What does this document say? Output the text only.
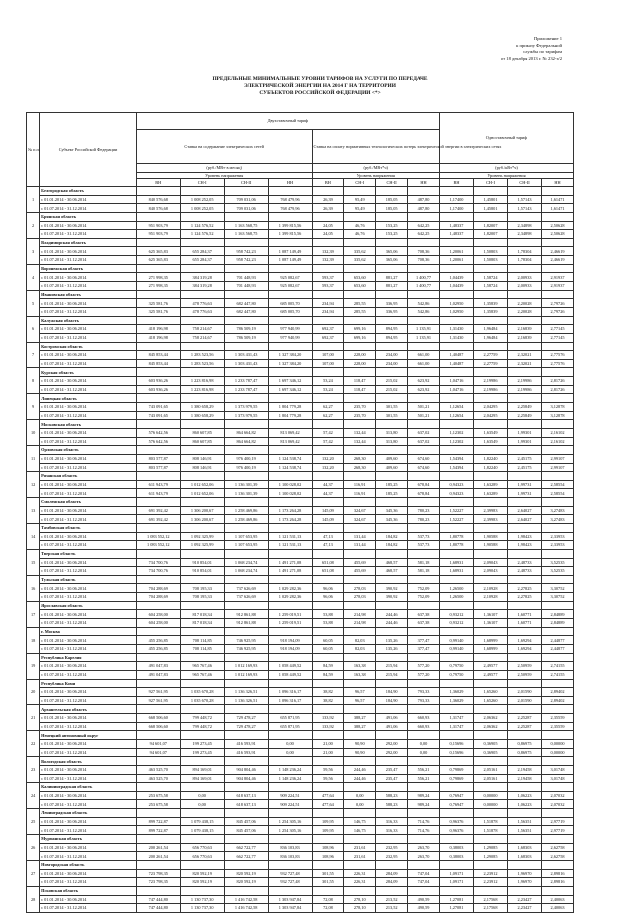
Приложение 1
к приказу Федеральной
службы по тарифам
от 18 декабря 2013 г. № 232-э/2
ПРЕДЕЛЬНЫЕ МИНИМАЛЬНЫЕ УРОВНИ ТАРИФОВ НА УСЛУГИ ПО ПЕРЕДАЧЕ
ЭЛЕКТРИЧЕСКОЙ ЭНЕРГИИ НА 2014 Г НА ТЕРРИТОРИИ
СУБЪЕКТОВ РОССИЙСКОЙ ФЕДЕРАЦИИ <*>
№ п.п.	Субъект Российской Федерации	Двухставочный тариф								Одноставочный тариф			
		Ставка на содержание электрических сетей				Ставка на оплату нормативных технологических потерь электрической энергии в электрических сетях							
		(руб./МВт·в месяц)				(руб./МВт*ч)				(руб./кВт*ч)			
		Уровень напряжения				Уровень напряжения				Уровень напряжения			
		ВН	СН-I	СН-II	НН	ВН	СН-I	СН-II	НН	ВН	СН-I	СН-II	НН
1	Белгородская область												
	с 01.01.2014 - 30.06.2014	840 576,68	1 008 252,05	709 031,06	768 479,96	26,39	95,49	185,05	487,80	1,17400	1,45801	1,57143	1,61471
	с 01.07.2014 - 31.12.2014	840 576,68	1 008 252,05	709 031,06	768 479,96	26,39	95,49	185,05	487,80	1,17400	1,45801	1,57143	1,61471
2	Брянская область												
	с 01.01.2014 - 30.06.2014	951 903,79	1 124 576,52	1 163 568,75	1 399 815,56	24,05	46,76	153,25	642,25	1,48337	1,82007	2,34898	2,50628
	с 01.07.2014 - 31.12.2014	951 903,79	1 124 576,52	1 163 568,75	1 399 815,56	24,05	46,76	153,25	642,25	1,48337	1,82007	2,34898	2,50628
3	Владимирская область												
	с 01.01.2014 - 30.06.2014	625 365,83	655 284,37	958 742,23	1 087 149,49	132,39	335,62	365,06	708,36	1,20061	1,50803	1,78304	2,46619
	с 01.07.2014 - 31.12.2014	625 365,83	655 284,37	958 742,23	1 087 149,49	132,39	335,62	365,06	708,36	1,20061	1,50803	1,78304	2,46619
4	Воронежская область												
	с 01.01.2014 - 30.06.2014	271 998,35	384 319,28	701 448,93	925 082,67	593,37	653,60	881,27	1 400,77	1,04439	1,58724	2,00933	2,91937
	с 01.07.2014 - 31.12.2014	271 998,35	384 319,28	701 448,93	925 082,67	593,37	653,60	881,27	1 400,77	1,04439	1,58724	2,00933	2,91937
5	Ивановская область												
	с 01.01.2014 - 30.06.2014	325 581,76	478 776,63	682 447,80	685 005,70	234,94	285,55	336,95	542,86	1,02950	1,35839	2,20028	2,79726
	с 01.07.2014 - 31.12.2014	325 581,76	478 776,63	682 447,80	685 005,70	234,94	285,55	336,95	542,86	1,02950	1,35839	2,20028	2,79726
6	Калужская область												
	с 01.01.2014 - 30.06.2014	418 196,98	758 214,67	786 509,19	977 940,99	692,37	699,16	894,95	1 135,91	1,31430	1,96484	2,16839	2,77145
	с 01.07.2014 - 31.12.2014	418 196,98	758 214,67	786 509,19	977 940,99	692,37	699,16	894,95	1 135,91	1,31430	1,96484	2,16839	2,77145
7	Костромская область												
	с 01.01.2014 - 30.06.2014	845 853,44	1 283 523,56	1 303 431,43	1 327 384,20	107,00	228,00	234,00	661,00	1,40487	2,27759	2,32021	2,77576
	с 01.07.2014 - 31.12.2014	845 853,44	1 283 523,56	1 303 431,43	1 327 384,20	107,00	228,00	234,00	661,00	1,40487	2,27759	2,32021	2,77576
8	Курская область												
	с 01.01.2014 - 30.06.2014	603 936,26	1 223 816,98	1 233 787,47	1 697 346,12	53,24	118,47	215,02	623,92	1,04716	2,19986	2,19986	2,81726
	с 01.07.2014 - 31.12.2014	603 936,26	1 223 816,98	1 233 787,47	1 697 346,12	53,24	118,47	215,02	623,92	1,04716	2,19986	2,19986	2,81726
9	Липецкая область												
	с 01.01.2014 - 30.06.2014	743 091,65	1 380 658,29	1 373 979,55	1 804 779,28	62,27	235,70	301,55	501,21	1,12654	2,04295	2,25849	3,12878
	с 01.07.2014 - 31.12.2014	743 091,65	1 380 658,29	1 373 979,55	1 804 779,28	62,27	235,70	301,55	501,21	1,12654	2,04295	2,25849	3,12878
10	Московская область												
	с 01.01.2014 - 30.06.2014	576 642,56	860 607,85	864 664,82	813 069,42	57,42	132,44	313,80	637,02	1,12302	1,63549	1,99301	2,16102
	с 01.07.2014 - 31.12.2014	576 642,56	860 607,85	864 664,82	813 069,42	57,42	132,44	313,80	637,02	1,12302	1,63549	1,99301	2,16102
11	Орловская область												
	с 01.01.2014 - 30.06.2014	803 577,87	808 146,91	976 400,19	1 124 538,74	132,20	268,30	409,60	674,60	1,54394	1,82240	2,45175	2,99107
	с 01.07.2014 - 31.12.2014	803 577,87	808 146,91	976 400,19	1 124 538,74	132,20	268,30	409,60	674,60	1,54394	1,82240	2,45175	2,99107
12	Рязанская область												
	с 01.01.2014 - 30.06.2014	611 943,79	1 012 652,06	1 136 301,39	1 100 028,02	44,37	116,91	185,25	678,84	0,94323	1,63289	1,99731	2,58554
	с 01.07.2014 - 31.12.2014	611 943,79	1 012 652,06	1 136 301,39	1 100 028,02	44,37	116,91	185,25	678,84	0,94323	1,63289	1,99731	2,58554
13	Смоленская область												
	с 01.01.2014 - 30.06.2014	691 392,42	1 306 200,67	1 258 469,86	1 173 264,28	145,09	324,67	345,36	780,23	1,52227	2,39983	2,64027	3,27483
	с 01.07.2014 - 31.12.2014	691 392,42	1 306 200,67	1 258 469,86	1 173 264,28	145,09	324,67	345,36	780,23	1,52227	2,39983	2,64027	3,27483
14	Тамбовская область												
	с 01.01.2014 - 30.06.2014	1 083 552,12	1 092 325,99	1 107 653,95	1 121 531,13	47,13	131,44	184,82	537,73	1,80778	1,90588	1,98423	2,33953
	с 01.07.2014 - 31.12.2014	1 083 552,12	1 092 325,99	1 107 653,95	1 121 531,13	47,13	131,44	184,82	537,73	1,80778	1,90588	1,98423	2,33953
15	Тверская область												
	с 01.01.2014 - 30.06.2014	734 700,76	910 854,01	1 068 234,74	1 491 271,08	651,08	455,69	468,57	581,18	1,68931	2,09043	2,48733	3,52535
	с 01.07.2014 - 31.12.2014	734 700,76	910 854,01	1 068 234,74	1 491 271,08	651,08	455,69	468,57	581,18	1,68931	2,09043	2,48733	3,52535
16	Тульская область												
	с 01.01.2014 - 30.06.2014	704 288,69	708 195,33	737 626,69	1 029 282,36	96,06	278,03	390,92	752,09	1,26500	2,10928	2,27825	3,30752
	с 01.07.2014 - 31.12.2014	704 288,69	708 195,33	737 626,69	1 029 282,36	96,06	278,03	390,92	752,09	1,26500	2,10928	2,27825	3,30752
17	Ярославская область												
	с 01.01.2014 - 30.06.2014	604 258,00	817 018,34	912 861,88	1 259 019,51	53,88	214,98	244,46	637,38	0,93212	1,36107	1,60771	2,84889
	с 01.07.2014 - 31.12.2014	604 258,00	817 018,34	912 861,88	1 259 019,51	53,88	214,98	244,46	637,38	0,93212	1,36107	1,60771	2,84889
18	г. Москва												
	с 01.01.2014 - 30.06.2014	455 256,85	708 114,85	746 925,95	918 194,09	60,05	82,03	135,26	377,47	0,99140	1,68999	1,69294	2,44877
	с 01.07.2014 - 31.12.2014	455 256,85	708 114,85	746 925,95	918 194,09	60,05	82,03	135,26	377,47	0,99140	1,68999	1,69294	2,44877
19	Республика Карелия												
	с 01.01.2014 - 30.06.2014	491 047,83	965 767,46	1 012 169,93	1 058 449,52	84,59	163,38	215,94	577,20	0,79750	2,49577	2,50959	2,74155
	с 01.07.2014 - 31.12.2014	491 047,83	965 767,46	1 012 169,93	1 058 449,52	84,59	163,38	215,94	577,20	0,79750	2,49577	2,50959	2,74155
20	Республика Коми												
	с 01.01.2014 - 30.06.2014	927 561,95	1 035 670,28	1 136 326,51	1 096 316,17	38,82	96,57	184,90	793,33	1,36029	1,65260	2,01590	2,89402
	с 01.07.2014 - 31.12.2014	927 561,95	1 035 670,28	1 136 326,51	1 096 316,17	38,82	96,57	184,90	793,33	1,36029	1,65260	2,01590	2,89402
21	Архангельская область												
	с 01.01.2014 - 30.06.2014	668 506,60	799 448,72	729 478,27	655 871,95	133,92	388,27	491,06	660,93	1,31747	2,06362	2,25287	2,35559
	с 01.07.2014 - 31.12.2014	668 506,60	799 448,72	729 478,27	655 871,95	133,92	388,27	491,06	660,93	1,31747	2,06362	2,25287	2,35559
22	Ненецкий автономный округ												
	с 01.01.2014 - 30.06.2014	94 601,07	199 273,45	416 593,91	0,00	21,00	90,90	292,00	0,00	0,15696	0,36905	0,86975	0,00000
	с 01.07.2014 - 31.12.2014	94 601,07	199 273,45	416 593,91	0,00	21,00	90,90	292,00	0,00	0,15696	0,36905	0,86975	0,00000
23	Вологодская область												
	с 01.01.2014 - 30.06.2014	463 525,70	894 169,01	904 804,46	1 148 236,24	59,56	244,46	235,47	556,21	0,79869	2,05161	2,19458	3,01748
	с 01.07.2014 - 31.12.2014	463 525,70	894 169,01	904 804,46	1 148 236,24	59,56	244,46	235,47	556,21	0,79869	2,05161	2,19458	3,01748
24	Калининградская область												
	с 01.01.2014 - 30.06.2014	253 675,58	0,00	618 637,13	909 224,51	477,64	0,00	588,23	989,24	0,76947	0,00000	1,06223	2,07032
	с 01.07.2014 - 31.12.2014	253 675,58	0,00	618 637,13	909 224,51	477,64	0,00	588,23	989,24	0,76947	0,00000	1,06223	2,07032
25	Ленинградская область												
	с 01.01.2014 - 30.06.2014	899 722,87	1 079 438,15	845 457,06	1 254 305,16	109,95	146,75	316,33	714,76	0,96376	1,51878	1,56351	2,97719
	с 01.07.2014 - 31.12.2014	899 722,87	1 079 438,15	845 457,06	1 254 305,16	109,95	146,75	316,33	714,76	0,96376	1,51878	1,56351	2,97719
26	Мурманская область												
	с 01.01.2014 - 30.06.2014	200 261,54	656 770,63	662 722,77	836 103,83	108,96	231,61	232,95	263,70	0,38003	1,29085	1,68303	2,62758
	с 01.07.2014 - 31.12.2014	200 261,54	656 770,63	662 722,77	836 103,83	108,96	231,61	232,95	263,70	0,38003	1,29085	1,68303	2,62758
27	Новгородская область												
	с 01.01.2014 - 30.06.2014	723 798,35	820 592,19	820 592,19	932 727,48	301,55	226,31	284,09	747,04	1,09171	2,23912	1,96970	2,89816
	с 01.07.2014 - 31.12.2014	723 798,35	820 592,19	820 592,19	932 727,48	301,55	226,31	284,09	747,04	1,09171	2,23912	1,96970	2,89816
28	Псковская область												
	с 01.01.2014 - 30.06.2014	747 444,80	1 130 737,30	1 416 742,58	1 303 947,84	72,08	278,10	213,52	490,59	1,27081	2,17568	2,23427	2,40063
	с 01.07.2014 - 31.12.2014	747 444,80	1 130 737,30	1 416 742,58	1 303 947,84	72,08	278,10	213,52	490,59	1,27081	2,17568	2,23427	2,40063
